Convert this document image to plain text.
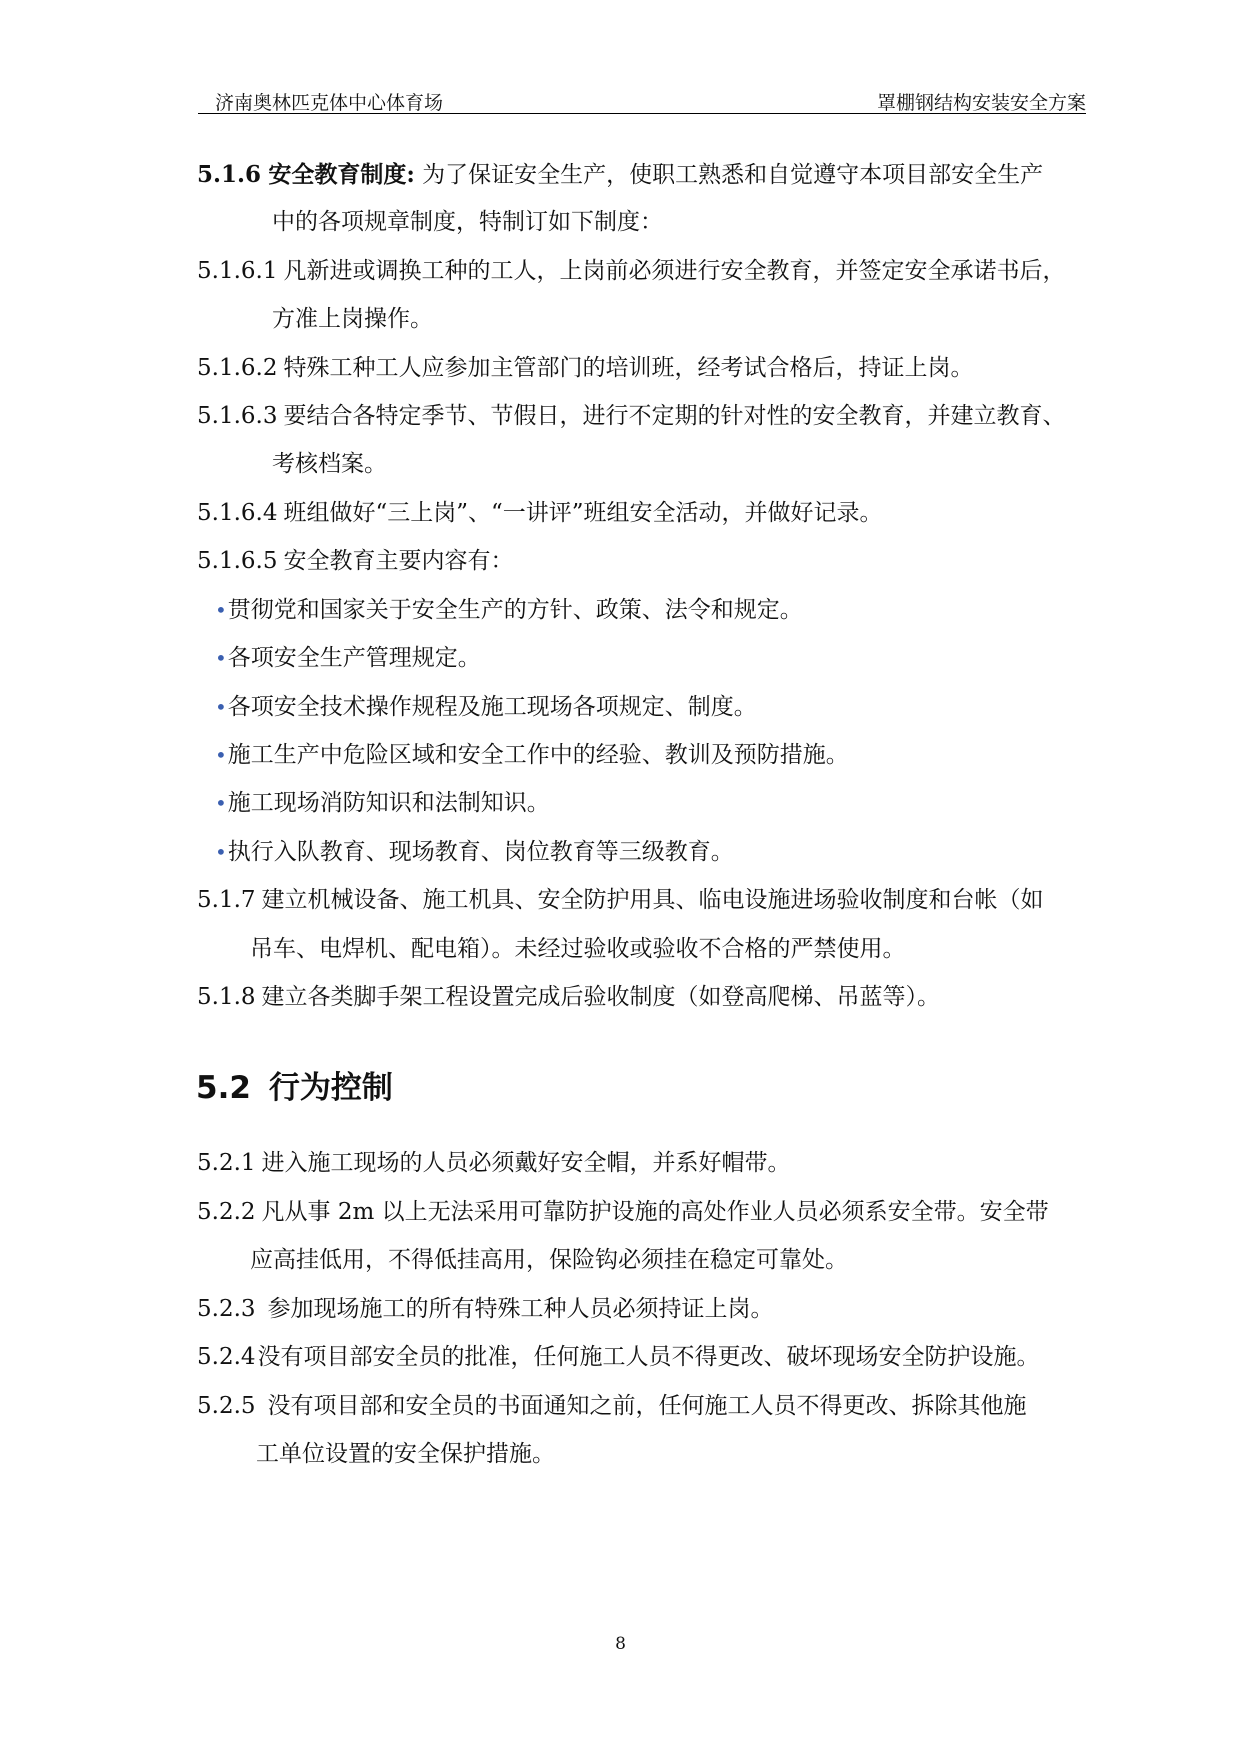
济南奥林匹克体中心体育场	罩棚钢结构安装安全方案
5.1.6 安全教育制度: 为了保证安全生产，使职工熟悉和自觉遵守本项目部安全生产
中的各项规章制度，特制订如下制度：
5.1.6.1 凡新进或调换工种的工人，上岗前必须进行安全教育，并签定安全承诺书后，
方准上岗操作。
5.1.6.2 特殊工种工人应参加主管部门的培训班，经考试合格后，持证上岗。
5.1.6.3 要结合各特定季节、节假日，进行不定期的针对性的安全教育，并建立教育、
考核档案。
5.1.6.4 班组做好“三上岗”、“一讲评”班组安全活动，并做好记录。
5.1.6.5 安全教育主要内容有：
•贯彻党和国家关于安全生产的方针、政策、法令和规定。
•各项安全生产管理规定。
•各项安全技术操作规程及施工现场各项规定、制度。
•施工生产中危险区域和安全工作中的经验、教训及预防措施。
•施工现场消防知识和法制知识。
•执行入队教育、现场教育、岗位教育等三级教育。
5.1.7 建立机械设备、施工机具、安全防护用具、临电设施进场验收制度和台帐（如
吊车、电焊机、配电箱）。未经过验收或验收不合格的严禁使用。
5.1.8 建立各类脚手架工程设置完成后验收制度（如登高爬梯、吊蓝等）。
5.2 行为控制
5.2.1 进入施工现场的人员必须戴好安全帽，并系好帽带。
5.2.2 凡从事 2m 以上无法采用可靠防护设施的高处作业人员必须系安全带。安全带
应高挂低用，不得低挂高用，保险钩必须挂在稳定可靠处。
5.2.3 参加现场施工的所有特殊工种人员必须持证上岗。
5.2.4没有项目部安全员的批准，任何施工人员不得更改、破坏现场安全防护设施。
5.2.5 没有项目部和安全员的书面通知之前，任何施工人员不得更改、拆除其他施
工单位设置的安全保护措施。
8
